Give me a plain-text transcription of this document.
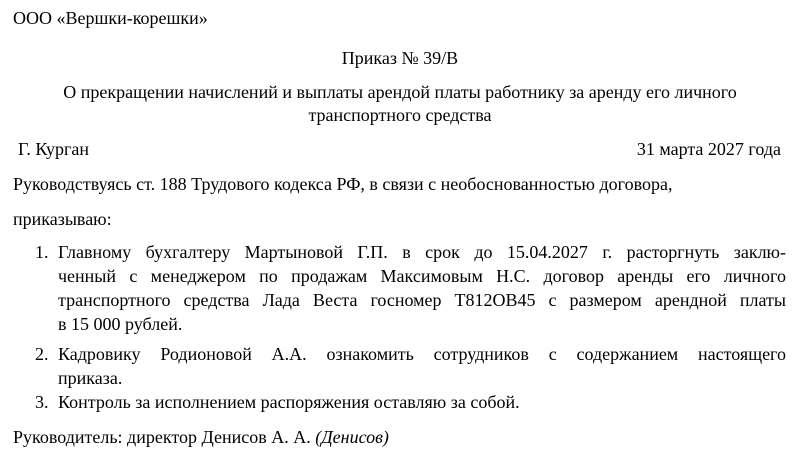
ООО «Вершки-корешки»
Приказ № 39/В
О прекращении начислений и выплаты арендой платы работнику за аренду его личного
транспортного средства
Г. Курган	31 марта 2027 года
Руководствуясь ст. 188 Трудового кодекса РФ, в связи с необоснованностью договора,
приказываю:
1. Главному бухгалтеру Мартыновой Г.П. в срок до 15.04.2027 г. расторгнуть заклю-
ченный с менеджером по продажам Максимовым Н.С. договор аренды его личного
транспортного средства Лада Веста госномер Т812ОВ45 с размером арендной платы
в 15 000 рублей.
2. Кадровику Родионовой А.А. ознакомить сотрудников с содержанием настоящего
приказа.
3. Контроль за исполнением распоряжения оставляю за собой.
Руководитель: директор Денисов А. А. (Денисов)
